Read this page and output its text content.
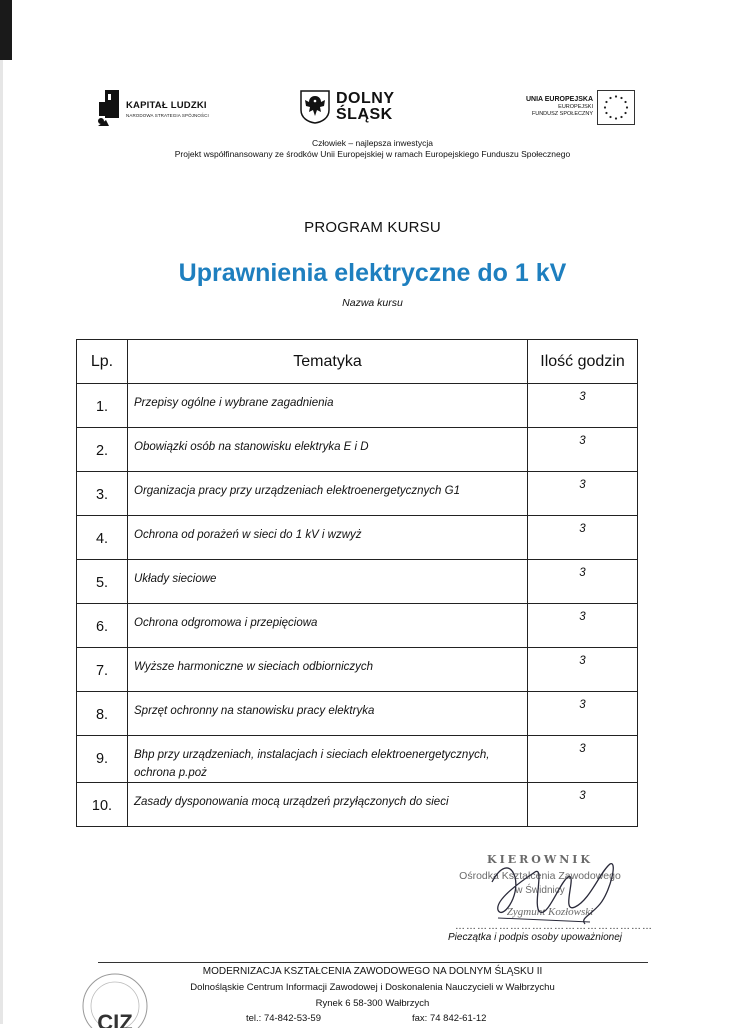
KAPITAŁ LUDZKI
NARODOWA STRATEGIA SPÓJNOŚCI
DOLNY
ŚLĄSK
UNIA EUROPEJSKA
EUROPEJSKI
FUNDUSZ SPOŁECZNY
Człowiek – najlepsza inwestycja
Projekt współfinansowany ze środków Unii Europejskiej w ramach Europejskiego Funduszu Społecznego
PROGRAM KURSU
Uprawnienia elektryczne do 1 kV
Nazwa kursu
Lp.	Tematyka	Ilość godzin

1.	Przepisy ogólne i wybrane zagadnienia	3

2.	Obowiązki osób na stanowisku elektryka E i D	3

3.	Organizacja pracy przy urządzeniach elektroenergetycznych G1	3

4.	Ochrona od porażeń w sieci do 1 kV i wzwyż	3

5.	Układy sieciowe	3

6.	Ochrona odgromowa i przepięciowa	3

7.	Wyższe harmoniczne w sieciach odbiorniczych	3

8.	Sprzęt ochronny na stanowisku pracy elektryka	3

9.	Bhp przy urządzeniach, instalacjach i sieciach elektroenergetycznych, ochrona p.poż	3

10.	Zasady dysponowania mocą urządzeń przyłączonych do sieci	3
KIEROWNIK
Ośrodka Kształcenia Zawodowego
w Świdnicy
Zygmunt Kozłowski
………………………………………………
Pieczątka i podpis osoby upoważnionej
CIZ
MODERNIZACJA KSZTAŁCENIA ZAWODOWEGO NA DOLNYM ŚLĄSKU II
Dolnośląskie Centrum Informacji Zawodowej i Doskonalenia Nauczycieli w Wałbrzychu
Rynek 6 58-300 Wałbrzych
tel.: 74-842-53-59	fax: 74 842-61-12
